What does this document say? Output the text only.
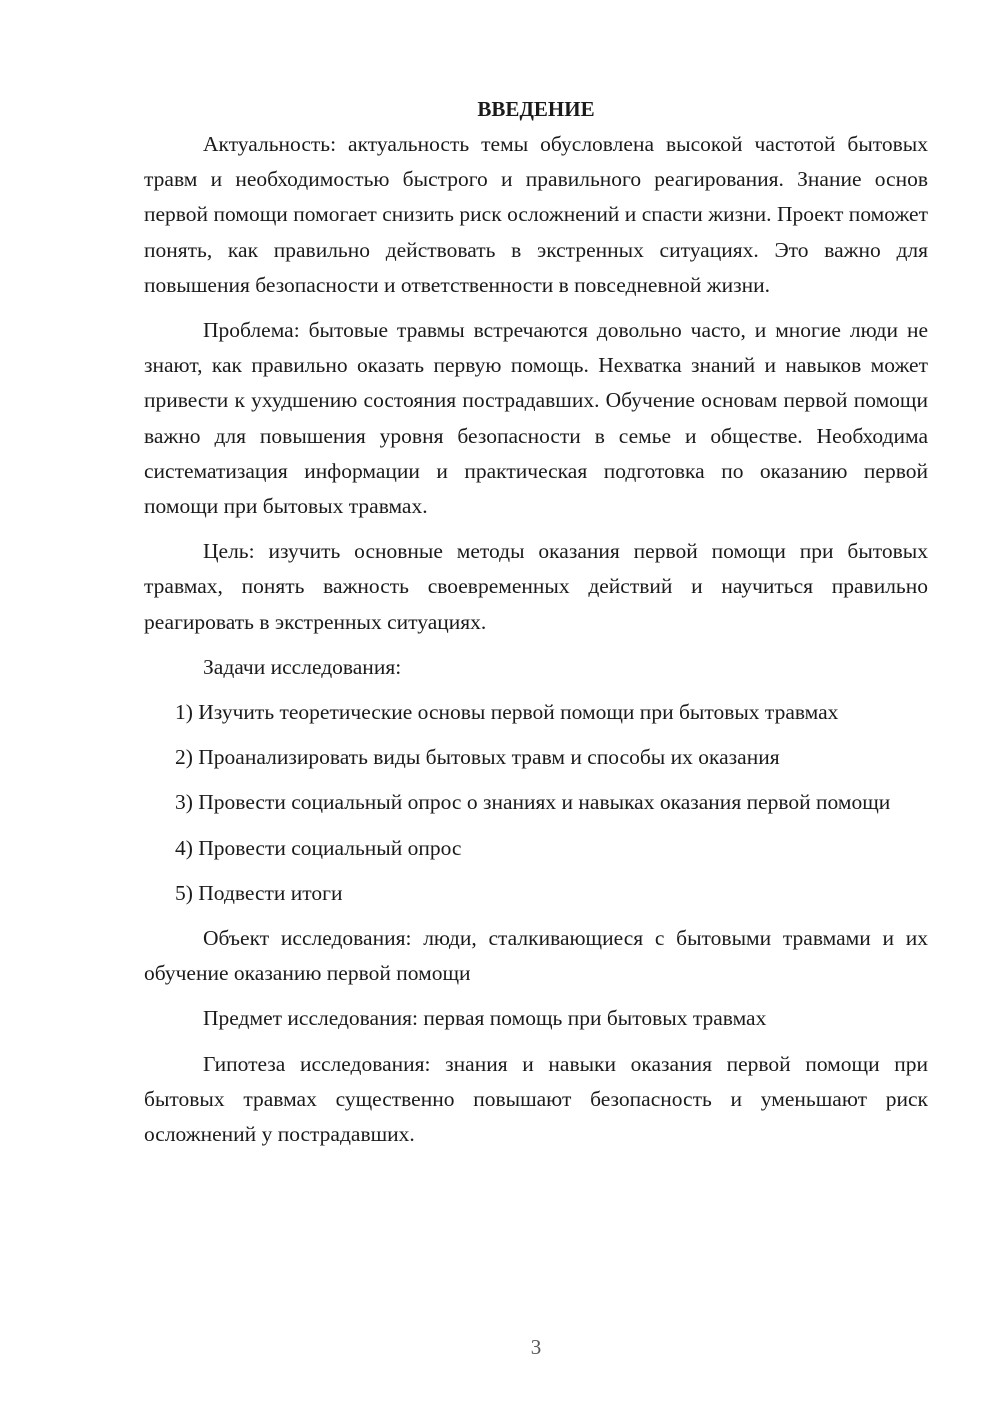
ВВЕДЕНИЕ

Актуальность: актуальность темы обусловлена высокой частотой бытовых травм и необходимостью быстрого и правильного реагирования. Знание основ первой помощи помогает снизить риск осложнений и спасти жизни. Проект поможет понять, как правильно действовать в экстренных ситуациях. Это важно для повышения безопасности и ответственности в повседневной жизни.

Проблема: бытовые травмы встречаются довольно часто, и многие люди не знают, как правильно оказать первую помощь. Нехватка знаний и навыков может привести к ухудшению состояния пострадавших. Обучение основам первой помощи важно для повышения уровня безопасности в семье и обществе. Необходима систематизация информации и практическая подготовка по оказанию первой помощи при бытовых травмах.

Цель: изучить основные методы оказания первой помощи при бытовых травмах, понять важность своевременных действий и научиться правильно реагировать в экстренных ситуациях.

Задачи исследования:

1) Изучить теоретические основы первой помощи при бытовых травмах

2) Проанализировать виды бытовых травм и способы их оказания

3) Провести социальный опрос о знаниях и навыках оказания первой помощи

4) Провести социальный опрос

5) Подвести итоги

Объект исследования: люди, сталкивающиеся с бытовыми травмами и их обучение оказанию первой помощи

Предмет исследования: первая помощь при бытовых травмах

Гипотеза исследования: знания и навыки оказания первой помощи при бытовых травмах существенно повышают безопасность и уменьшают риск осложнений у пострадавших.

3
